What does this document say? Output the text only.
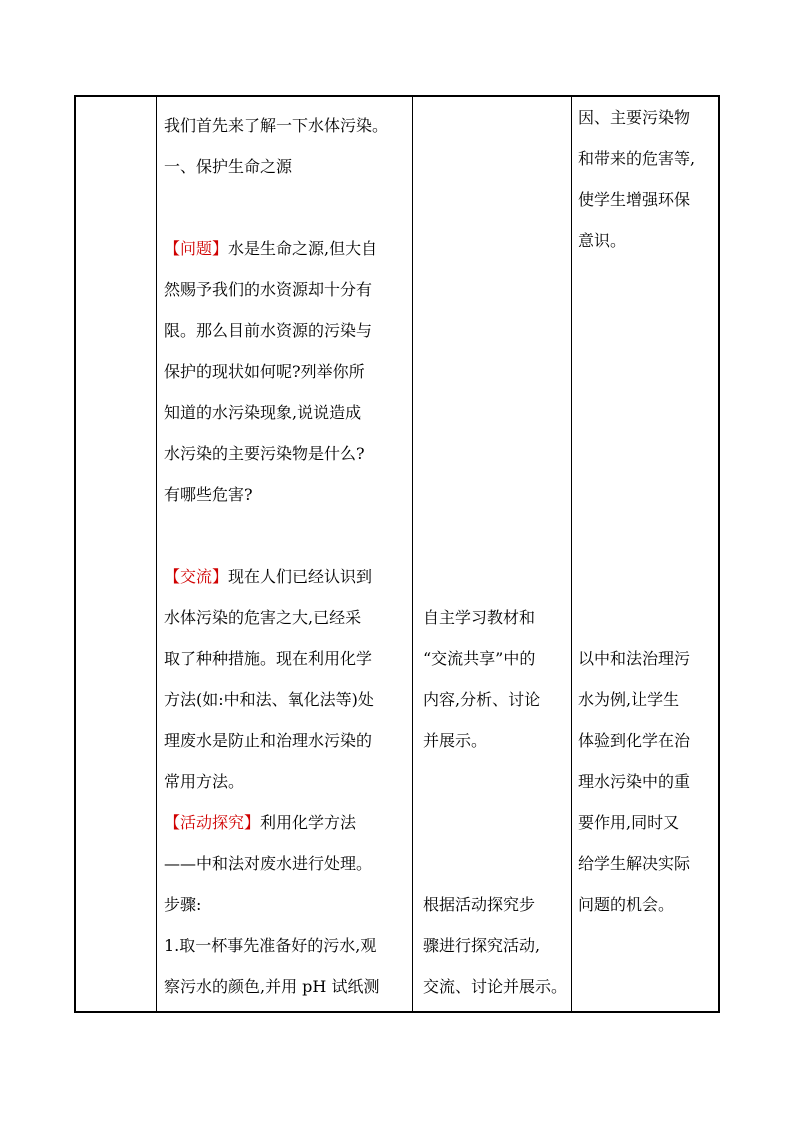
我们首先来了解一下水体污染。
一、保护生命之源
【问题】水是生命之源,但大自
然赐予我们的水资源却十分有
限。那么目前水资源的污染与
保护的现状如何呢?列举你所
知道的水污染现象,说说造成
水污染的主要污染物是什么?
有哪些危害?
【交流】现在人们已经认识到
水体污染的危害之大,已经采
取了种种措施。现在利用化学
方法(如:中和法、氧化法等)处
理废水是防止和治理水污染的
常用方法。
【活动探究】利用化学方法
——中和法对废水进行处理。
步骤:
1.取一杯事先准备好的污水,观
察污水的颜色,并用 pH 试纸测
自主学习教材和
“交流共享”中的
内容,分析、讨论
并展示。
根据活动探究步
骤进行探究活动,
交流、讨论并展示。
因、主要污染物
和带来的危害等,
使学生增强环保
意识。
以中和法治理污
水为例,让学生
体验到化学在治
理水污染中的重
要作用,同时又
给学生解决实际
问题的机会。
